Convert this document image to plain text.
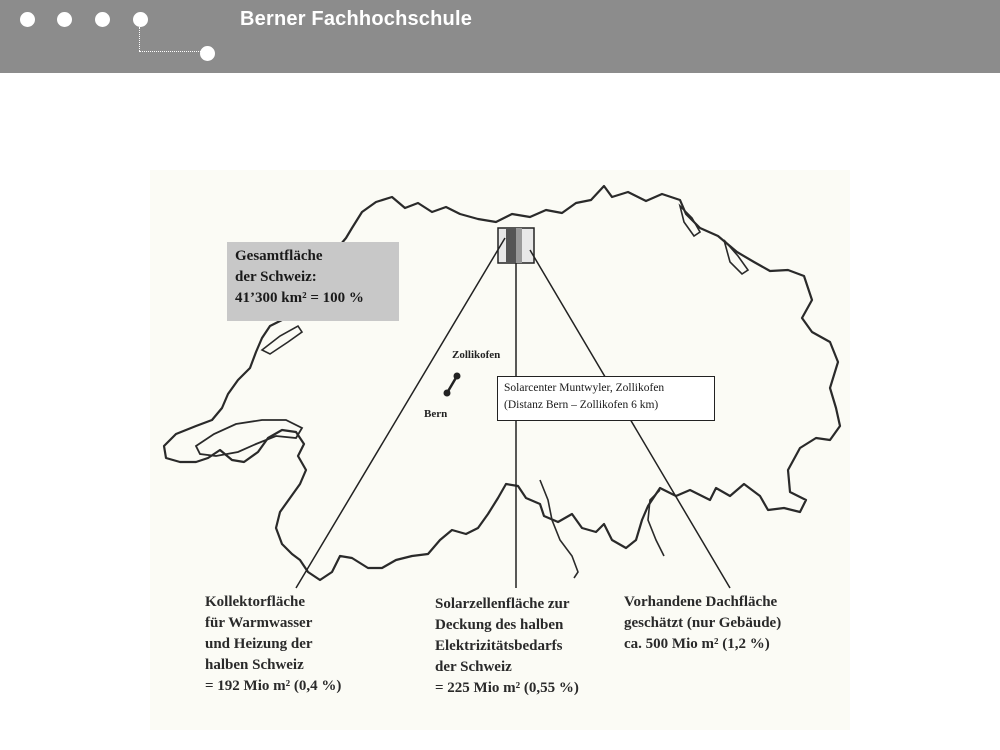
Berner Fachhochschule
Gesamtfläche
der Schweiz:
41’300 km² = 100 %
Zollikofen
Bern
Solarcenter Muntwyler, Zollikofen
(Distanz Bern – Zollikofen 6 km)
Kollektorfläche
für Warmwasser
und Heizung der
halben Schweiz
= 192 Mio m² (0,4 %)
Solarzellenfläche zur
Deckung des halben
Elektrizitätsbedarfs
der Schweiz
= 225 Mio m² (0,55 %)
Vorhandene Dachfläche
geschätzt (nur Gebäude)
ca. 500 Mio m² (1,2 %)
